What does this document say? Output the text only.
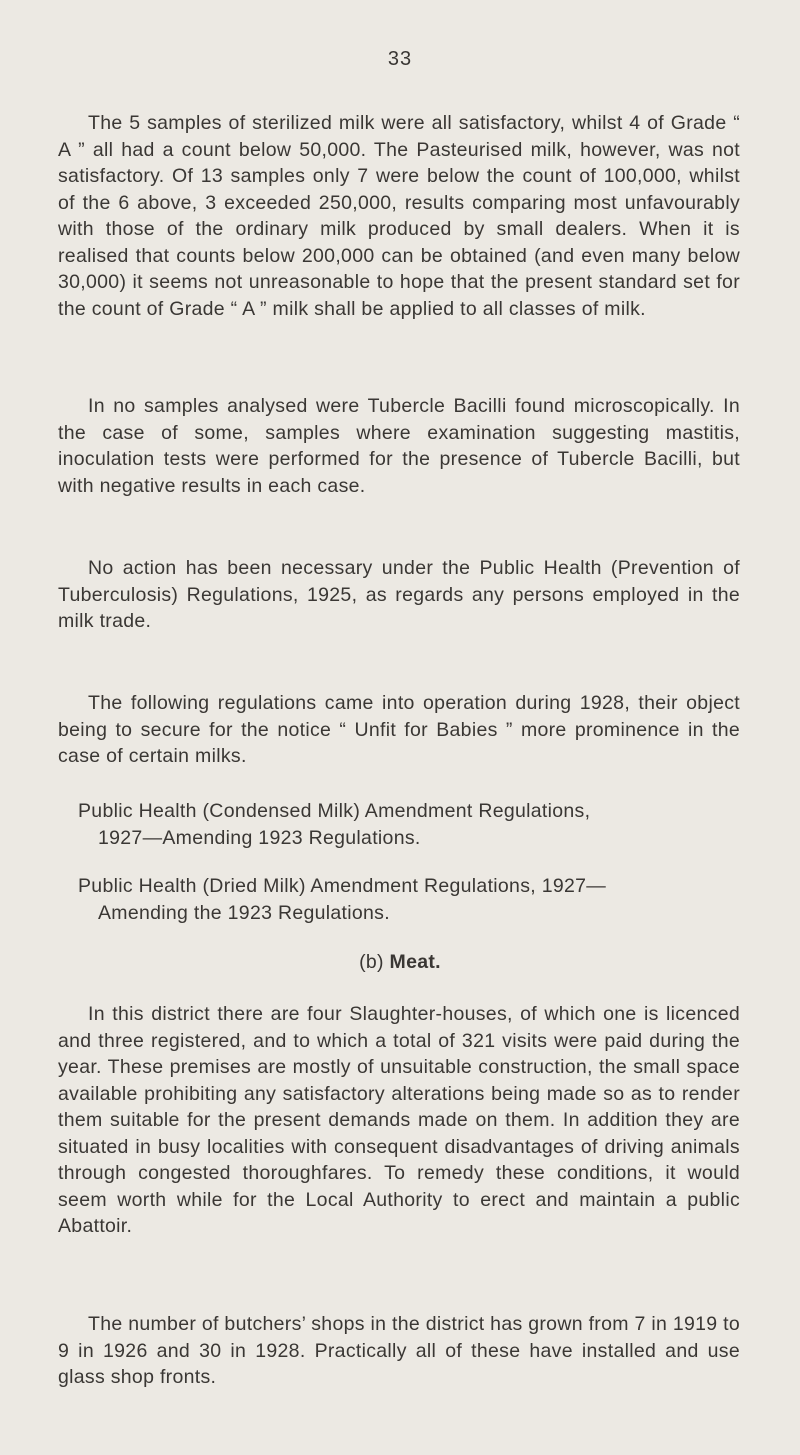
33

The 5 samples of sterilized milk were all satisfactory, whilst 4 of Grade “ A ” all had a count below 50,000. The Pasteurised milk, however, was not satisfactory. Of 13 samples only 7 were below the count of 100,000, whilst of the 6 above, 3 exceeded 250,000, results comparing most unfavourably with those of the ordinary milk produced by small dealers. When it is realised that counts below 200,000 can be obtained (and even many below 30,000) it seems not unreasonable to hope that the present standard set for the count of Grade “ A ” milk shall be applied to all classes of milk.

In no samples analysed were Tubercle Bacilli found microscopically. In the case of some, samples where examination suggesting mastitis, inoculation tests were performed for the presence of Tubercle Bacilli, but with negative results in each case.

No action has been necessary under the Public Health (Prevention of Tuberculosis) Regulations, 1925, as regards any persons employed in the milk trade.

The following regulations came into operation during 1928, their object being to secure for the notice “ Unfit for Babies ” more prominence in the case of certain milks.

Public Health (Condensed Milk) Amendment Regulations,
1927—Amending 1923 Regulations.
Public Health (Dried Milk) Amendment Regulations, 1927—
Amending the 1923 Regulations.
(b) Meat.

In this district there are four Slaughter-houses, of which one is licenced and three registered, and to which a total of 321 visits were paid during the year. These premises are mostly of unsuitable construction, the small space available prohibiting any satisfactory alterations being made so as to render them suitable for the present demands made on them. In addition they are situated in busy localities with consequent disadvantages of driving animals through congested thoroughfares. To remedy these conditions, it would seem worth while for the Local Authority to erect and maintain a public Abattoir.

The number of butchers’ shops in the district has grown from 7 in 1919 to 9 in 1926 and 30 in 1928. Practically all of these have installed and use glass shop fronts.
